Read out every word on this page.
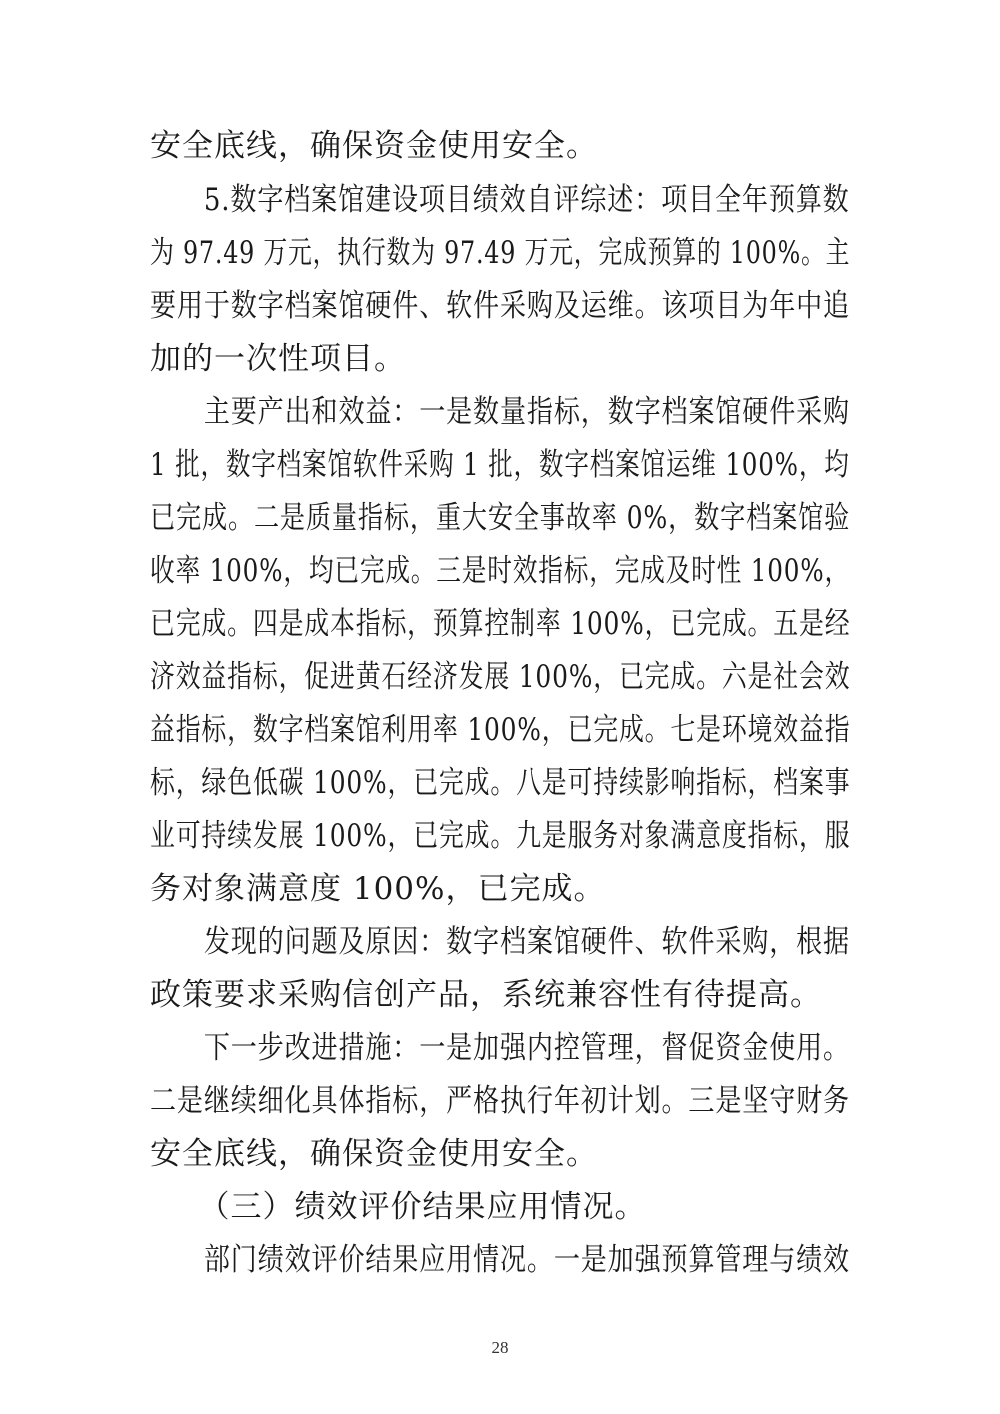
安全底线，确保资金使用安全。
　　5.数字档案馆建设项目绩效自评综述：项目全年预算数
为 97.49 万元，执行数为 97.49 万元，完成预算的 100%。主
要用于数字档案馆硬件、软件采购及运维。该项目为年中追
加的一次性项目。
　　主要产出和效益：一是数量指标，数字档案馆硬件采购
1 批，数字档案馆软件采购 1 批，数字档案馆运维 100%，均
已完成。二是质量指标，重大安全事故率 0%，数字档案馆验
收率 100%，均已完成。三是时效指标，完成及时性 100%，
已完成。四是成本指标，预算控制率 100%，已完成。五是经
济效益指标，促进黄石经济发展 100%，已完成。六是社会效
益指标，数字档案馆利用率 100%，已完成。七是环境效益指
标，绿色低碳 100%，已完成。八是可持续影响指标，档案事
业可持续发展 100%，已完成。九是服务对象满意度指标，服
务对象满意度 100%，已完成。
　　发现的问题及原因：数字档案馆硬件、软件采购，根据
政策要求采购信创产品，系统兼容性有待提高。
　　下一步改进措施：一是加强内控管理，督促资金使用。
二是继续细化具体指标，严格执行年初计划。三是坚守财务
安全底线，确保资金使用安全。
　　（三）绩效评价结果应用情况。
　　部门绩效评价结果应用情况。一是加强预算管理与绩效
28
